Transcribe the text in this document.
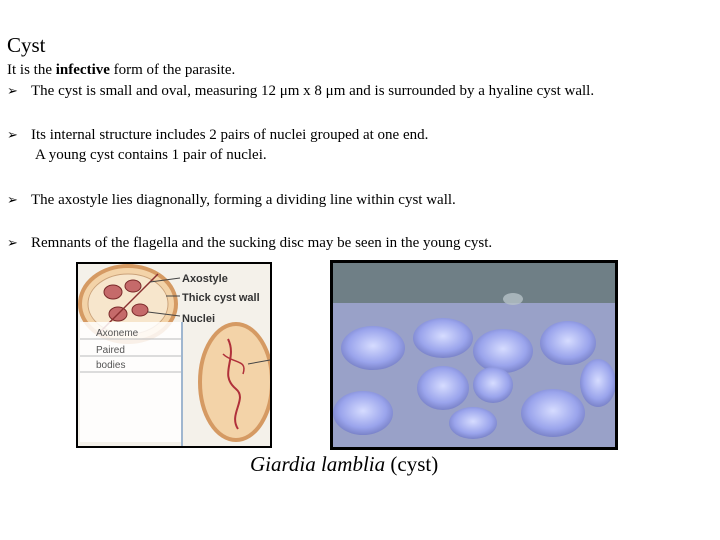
Cyst
It is the infective form of the parasite.
➢ The cyst is small and oval, measuring 12 μm x 8 μm and is surrounded by a hyaline cyst wall.
➢ Its internal structure includes 2 pairs of nuclei grouped at one end.
A young cyst contains 1 pair of nuclei.
➢ The axostyle lies diagnonally, forming a dividing line within cyst wall.
➢ Remnants of the flagella and the sucking disc may be seen in the young cyst.
Axostyle
Thick cyst wall
Nuclei
Axoneme
Paired
bodies
Giardia lamblia (cyst)
